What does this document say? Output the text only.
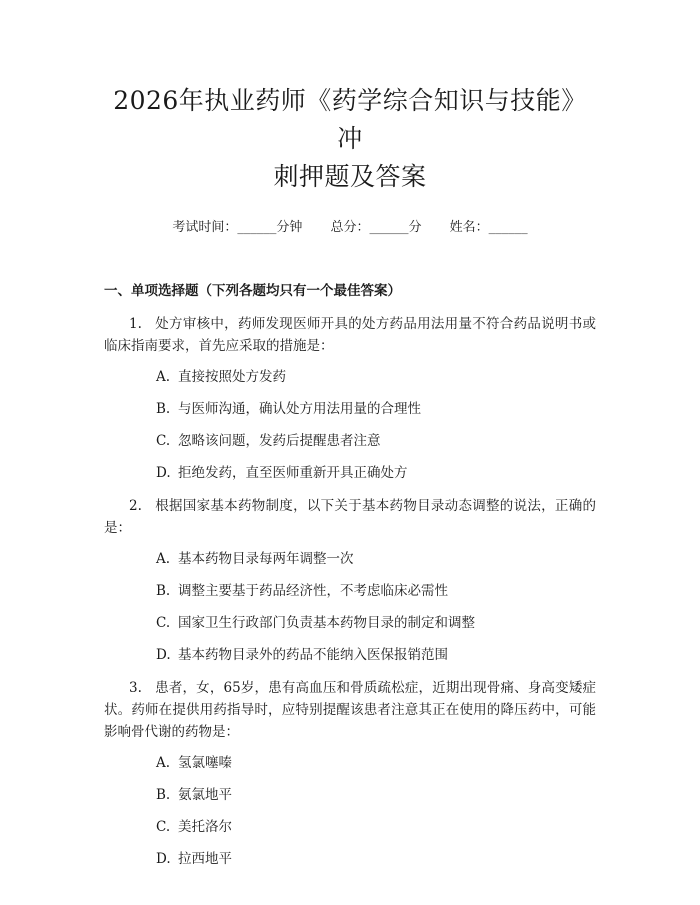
2026年执业药师《药学综合知识与技能》冲
刺押题及答案
考试时间：______分钟 总分：______分 姓名：______
一、单项选择题（下列各题均只有一个最佳答案）
1. 处方审核中，药师发现医师开具的处方药品用法用量不符合药品说明书或临床指南要求，首先应采取的措施是：
A. 直接按照处方发药
B. 与医师沟通，确认处方用法用量的合理性
C. 忽略该问题，发药后提醒患者注意
D. 拒绝发药，直至医师重新开具正确处方
2. 根据国家基本药物制度，以下关于基本药物目录动态调整的说法，正确的是：
A. 基本药物目录每两年调整一次
B. 调整主要基于药品经济性，不考虑临床必需性
C. 国家卫生行政部门负责基本药物目录的制定和调整
D. 基本药物目录外的药品不能纳入医保报销范围
3. 患者，女，65岁，患有高血压和骨质疏松症，近期出现骨痛、身高变矮症状。药师在提供用药指导时，应特别提醒该患者注意其正在使用的降压药中，可能影响骨代谢的药物是：
A. 氢氯噻嗪
B. 氨氯地平
C. 美托洛尔
D. 拉西地平
